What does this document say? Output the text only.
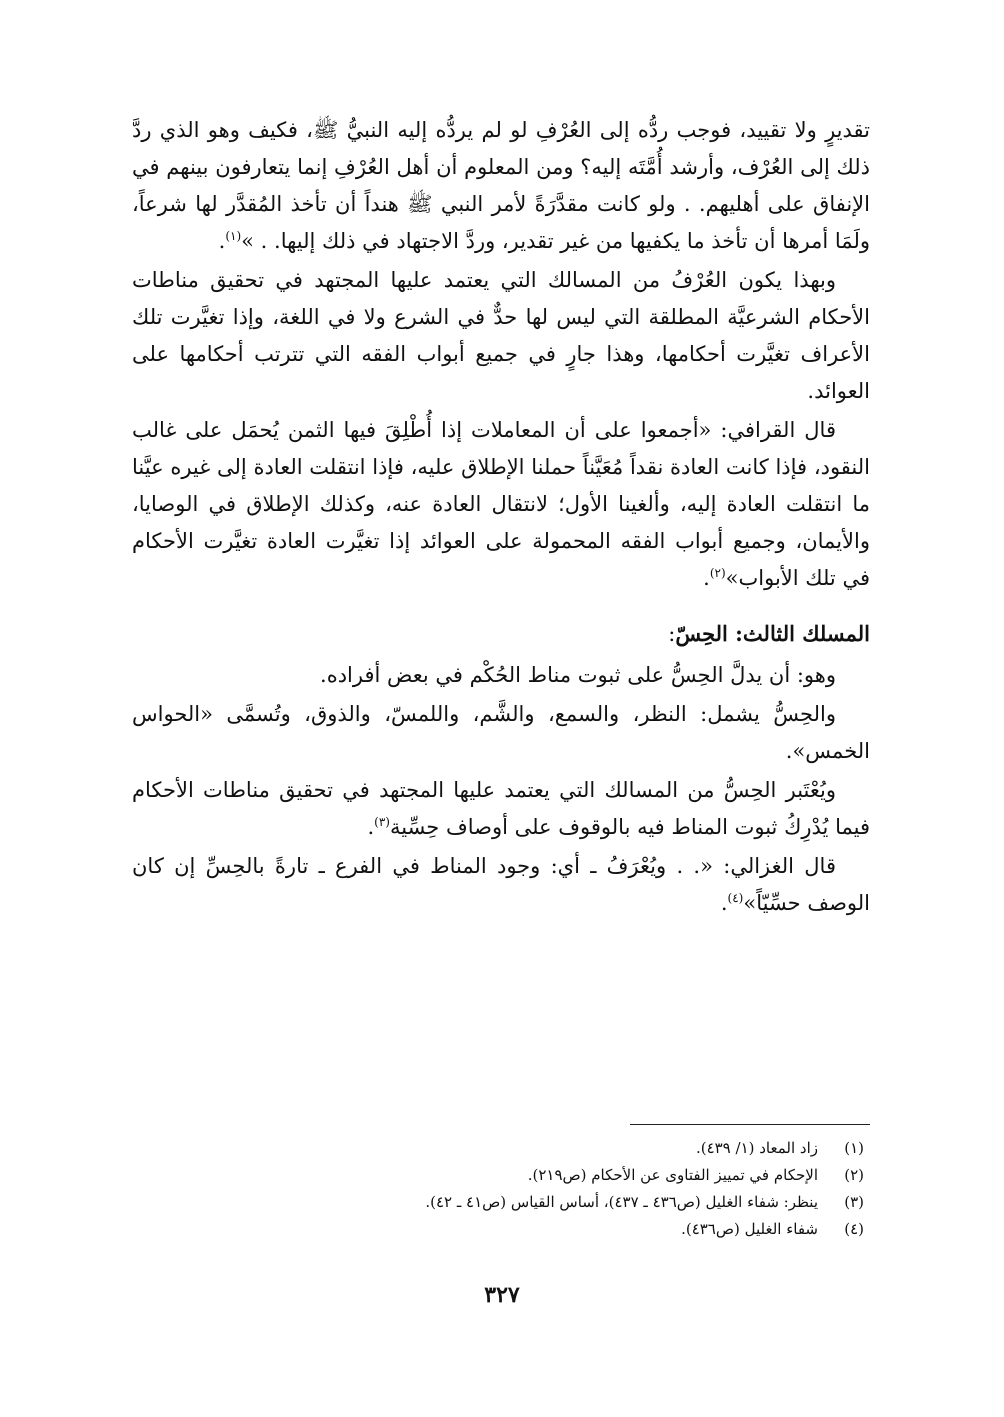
تقديرٍ ولا تقييد، فوجب ردُّه إلى العُرْفِ لو لم يردُّه إليه النبيُّ ﷺ، فكيف وهو الذي ردَّ ذلك إلى العُرْف، وأرشد أُمَّتَه إليه؟ ومن المعلوم أن أهل العُرْفِ إنما يتعارفون بينهم في الإنفاق على أهليهم. . ولو كانت مقدَّرَةً لأمر النبي ﷺ هنداً أن تأخذ المُقدَّر لها شرعاً، ولَمَا أمرها أن تأخذ ما يكفيها من غير تقدير، وردَّ الاجتهاد في ذلك إليها. . »$^{(١)}$.

وبهذا يكون العُرْفُ من المسالك التي يعتمد عليها المجتهد في تحقيق مناطات الأحكام الشرعيَّة المطلقة التي ليس لها حدٌّ في الشرع ولا في اللغة، وإذا تغيَّرت تلك الأعراف تغيَّرت أحكامها، وهذا جارٍ في جميع أبواب الفقه التي تترتب أحكامها على العوائد.

قال القرافي: «أجمعوا على أن المعاملات إذا أُطْلِقَ فيها الثمن يُحمَل على غالب النقود، فإذا كانت العادة نقداً مُعَيَّناً حملنا الإطلاق عليه، فإذا انتقلت العادة إلى غيره عيَّنا ما انتقلت العادة إليه، وألغينا الأول؛ لانتقال العادة عنه، وكذلك الإطلاق في الوصايا، والأيمان، وجميع أبواب الفقه المحمولة على العوائد إذا تغيَّرت العادة تغيَّرت الأحكام في تلك الأبواب»$^{(٢)}$.

المسلك الثالث: الحِسّ:

وهو: أن يدلَّ الحِسُّ على ثبوت مناط الحُكْم في بعض أفراده.

والحِسُّ يشمل: النظر، والسمع، والشَّم، واللمسّ، والذوق، وتُسمَّى «الحواس الخمس».

ويُعْتَبر الحِسُّ من المسالك التي يعتمد عليها المجتهد في تحقيق مناطات الأحكام فيما يُدْرِكُ ثبوت المناط فيه بالوقوف على أوصاف حِسِّية$^{(٣)}$.

قال الغزالي: «. . ويُعْرَفُ ـ أي: وجود المناط في الفرع ـ تارةً بالحِسِّ إن كان الوصف حسِّيّاً»$^{(٤)}$.

(١)
زاد المعاد (١/ ٤٣٩).
(٢)
الإحكام في تمييز الفتاوى عن الأحكام (ص٢١٩).
(٣)
ينظر: شفاء الغليل (ص٤٣٦ ـ ٤٣٧)، أساس القياس (ص٤١ ـ ٤٢).
(٤)
شفاء الغليل (ص٤٣٦).
٣٢٧
